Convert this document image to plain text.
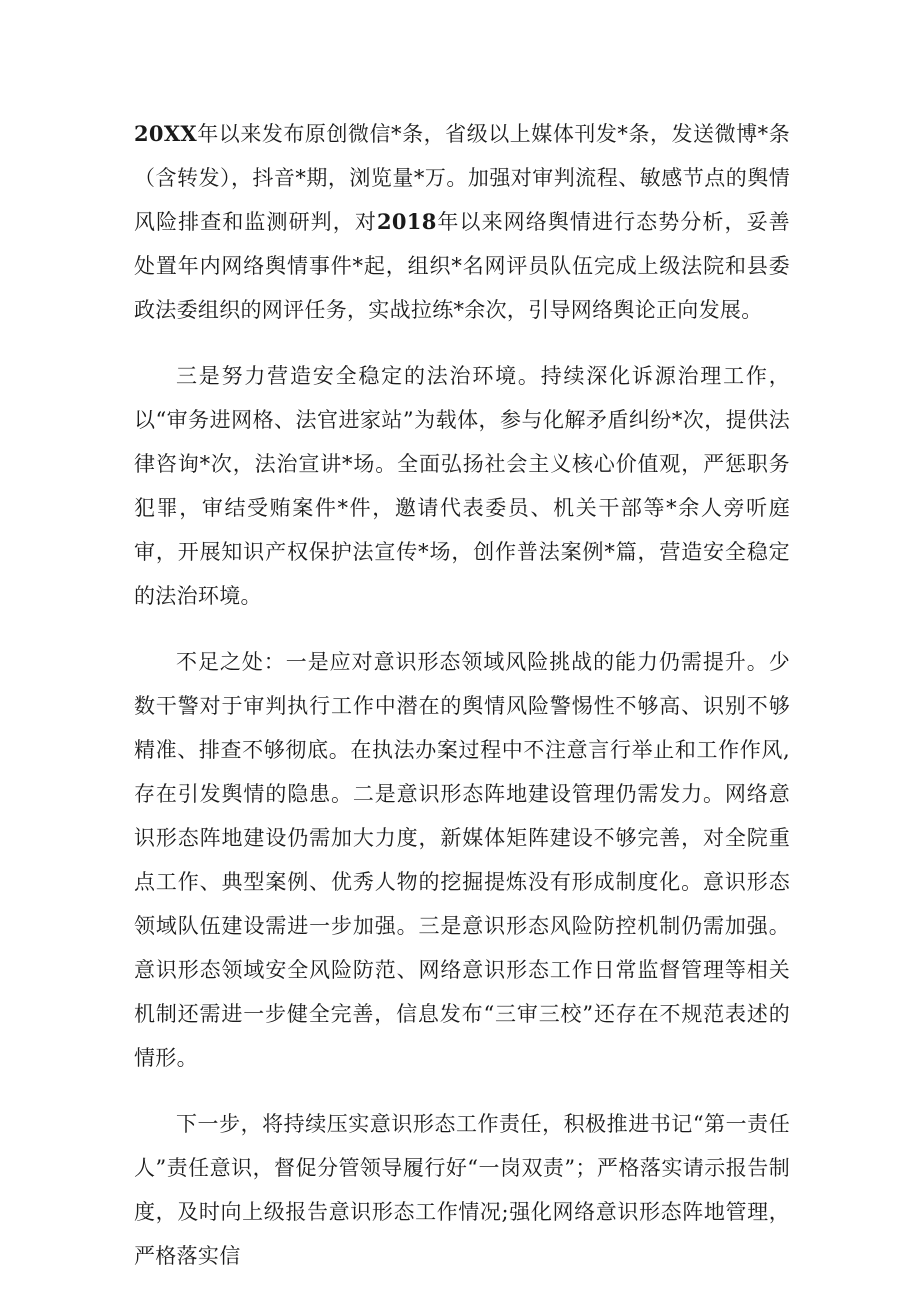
20XX年以来发布原创微信*条，省级以上媒体刊发*条，发送微博*条（含转发），抖音*期，浏览量*万。加强对审判流程、敏感节点的舆情风险排查和监测研判，对2018年以来网络舆情进行态势分析，妥善处置年内网络舆情事件*起，组织*名网评员队伍完成上级法院和县委政法委组织的网评任务，实战拉练*余次，引导网络舆论正向发展。

三是努力营造安全稳定的法治环境。持续深化诉源治理工作，以“审务进网格、法官进家站”为载体，参与化解矛盾纠纷*次，提供法律咨询*次，法治宣讲*场。全面弘扬社会主义核心价值观，严惩职务犯罪，审结受贿案件*件，邀请代表委员、机关干部等*余人旁听庭审，开展知识产权保护法宣传*场，创作普法案例*篇，营造安全稳定的法治环境。

不足之处：一是应对意识形态领域风险挑战的能力仍需提升。少数干警对于审判执行工作中潜在的舆情风险警惕性不够高、识别不够精准、排查不够彻底。在执法办案过程中不注意言行举止和工作作风,存在引发舆情的隐患。二是意识形态阵地建设管理仍需发力。网络意识形态阵地建设仍需加大力度，新媒体矩阵建设不够完善，对全院重点工作、典型案例、优秀人物的挖掘提炼没有形成制度化。意识形态领域队伍建设需进一步加强。三是意识形态风险防控机制仍需加强。意识形态领域安全风险防范、网络意识形态工作日常监督管理等相关机制还需进一步健全完善，信息发布“三审三校”还存在不规范表述的情形。

下一步，将持续压实意识形态工作责任，积极推进书记“第一责任人”责任意识，督促分管领导履行好“一岗双责”；严格落实请示报告制度，及时向上级报告意识形态工作情况;强化网络意识形态阵地管理，严格落实信
